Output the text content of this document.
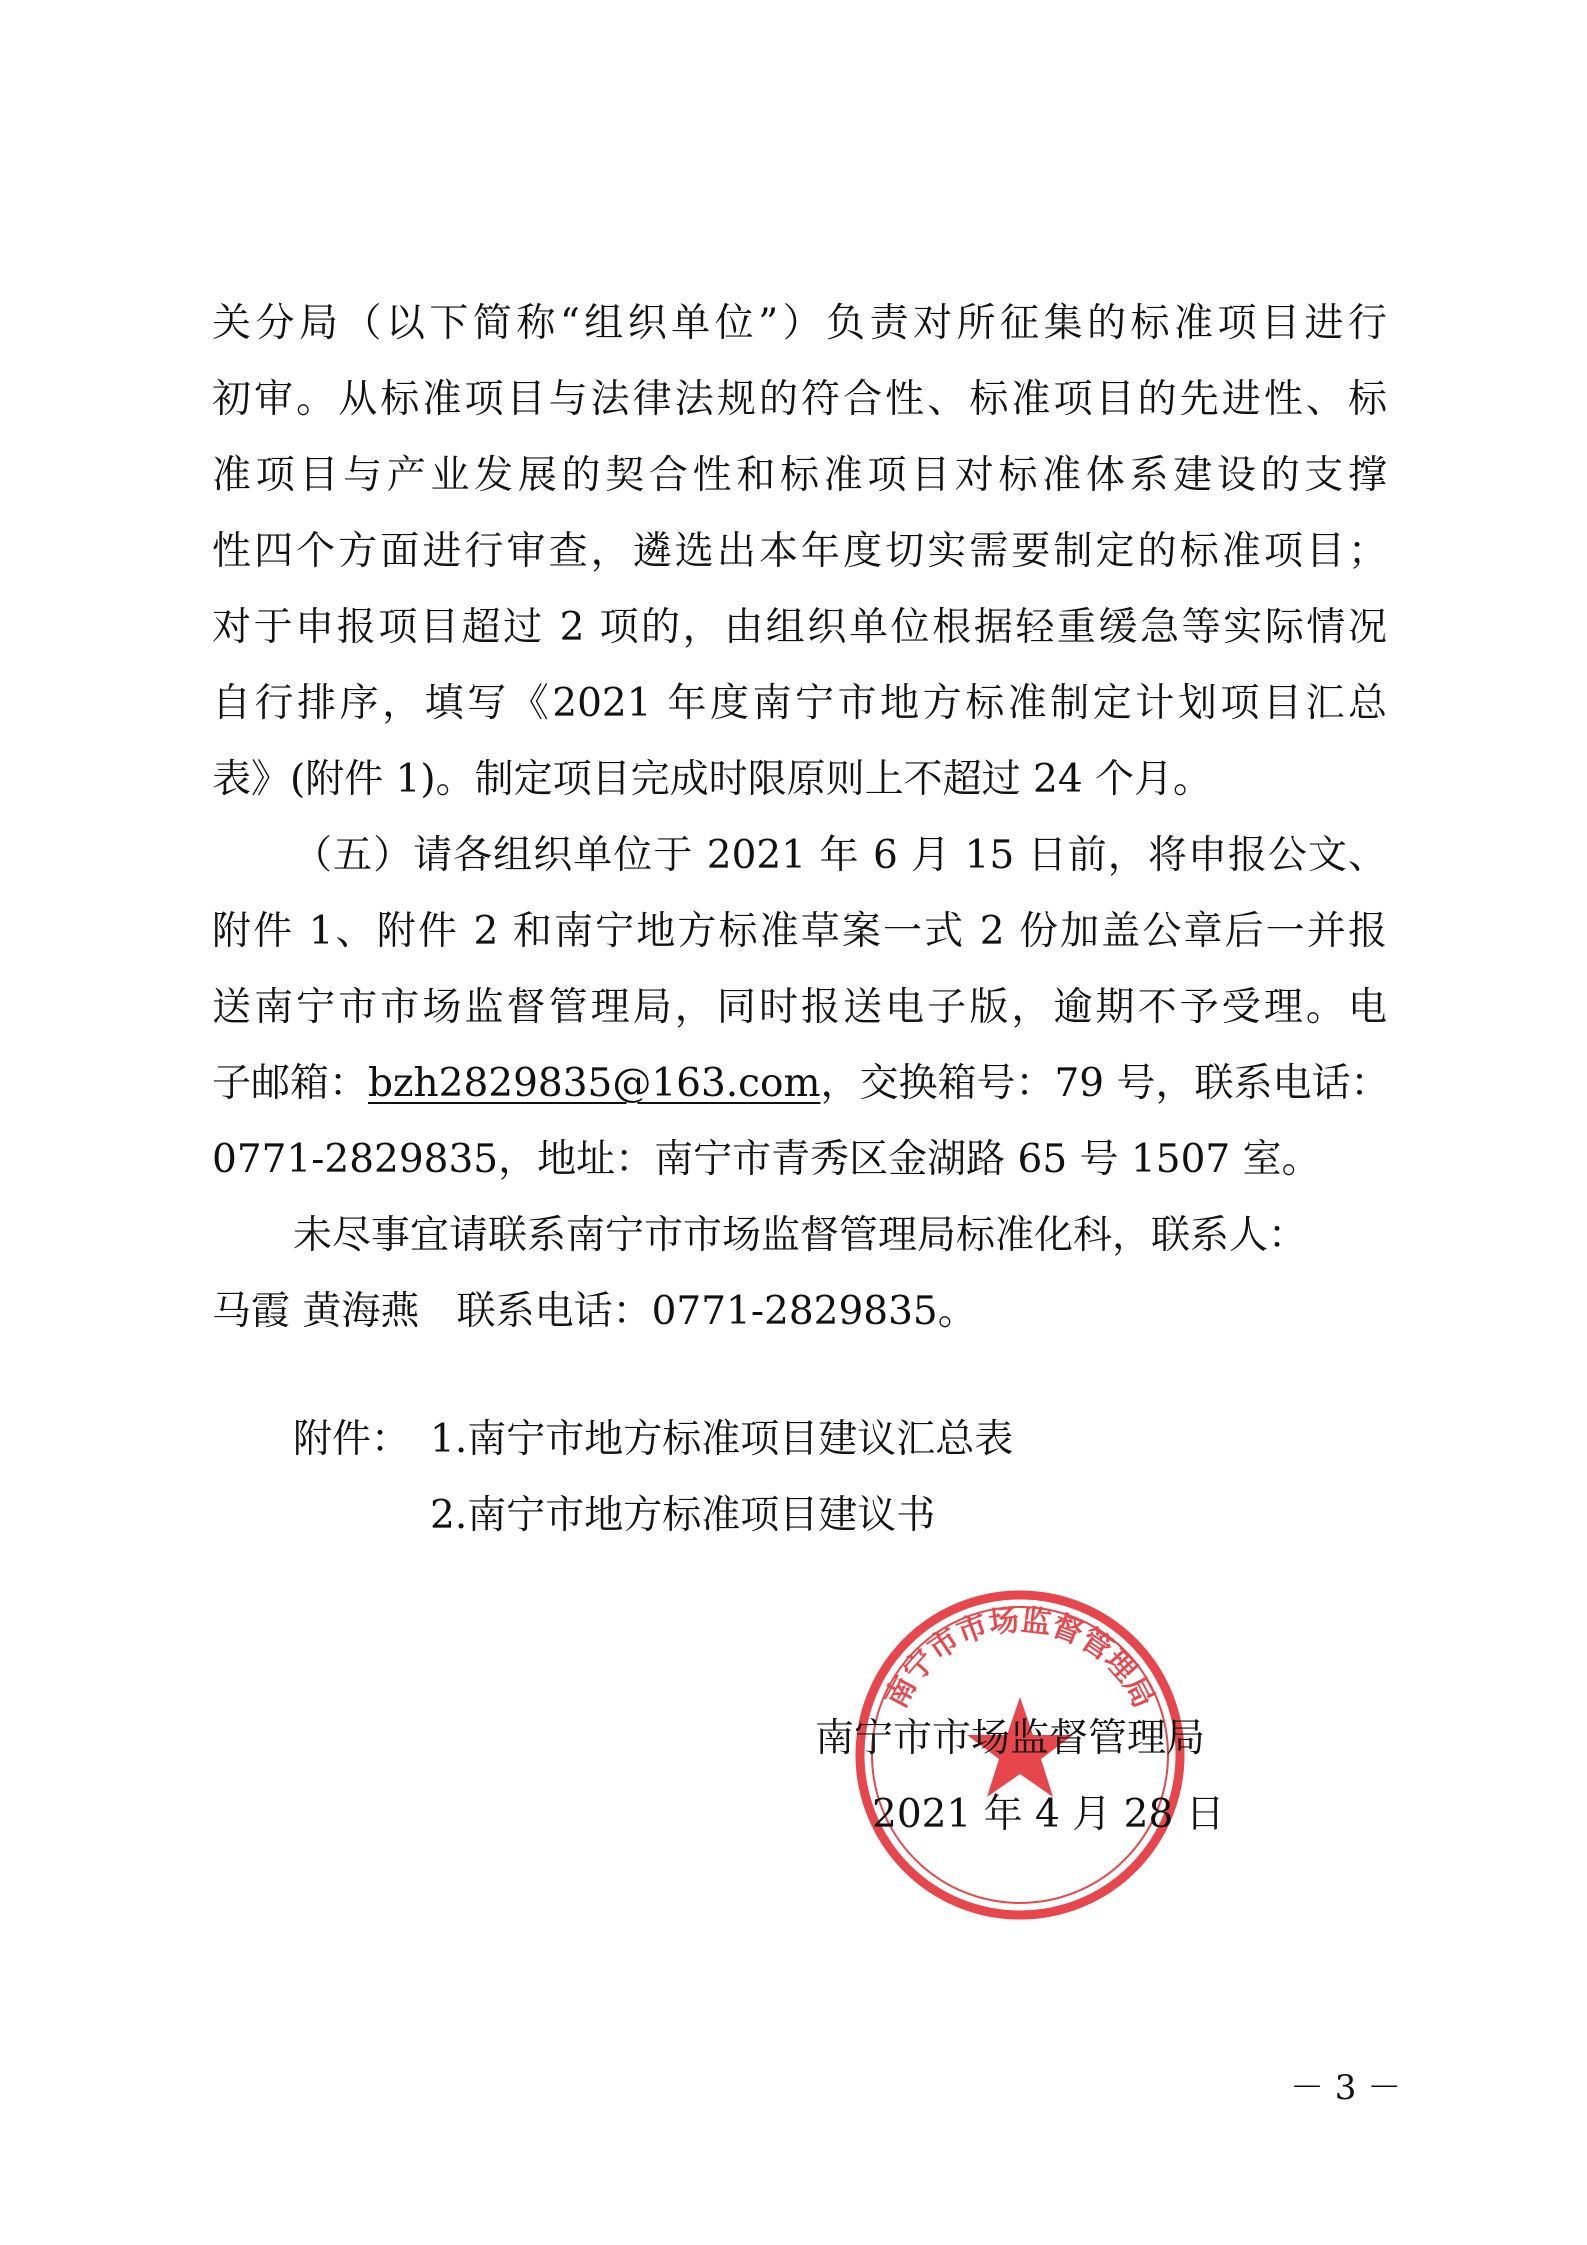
关分局（以下简称“组织单位”）负责对所征集的标准项目进行
初审。从标准项目与法律法规的符合性、标准项目的先进性、标
准项目与产业发展的契合性和标准项目对标准体系建设的支撑
性四个方面进行审查，遴选出本年度切实需要制定的标准项目；
对于申报项目超过 2 项的，由组织单位根据轻重缓急等实际情况
自行排序，填写《2021 年度南宁市地方标准制定计划项目汇总
表》(附件 1)。制定项目完成时限原则上不超过 24 个月。
（五）请各组织单位于 2021 年 6 月 15 日前，将申报公文、
附件 1、附件 2 和南宁地方标准草案一式 2 份加盖公章后一并报
送南宁市市场监督管理局，同时报送电子版，逾期不予受理。电
子邮箱：bzh2829835@163.com，交换箱号：79 号，联系电话：
0771-2829835，地址：南宁市青秀区金湖路 65 号 1507 室。
未尽事宜请联系南宁市市场监督管理局标准化科，联系人：
马霞 黄海燕   联系电话：0771-2829835。
附件： 1.南宁市地方标准项目建议汇总表
2.南宁市地方标准项目建议书
南宁市市场监督管理局
南宁市市场监督管理局
2021 年 4 月 28 日
－ 3 －
